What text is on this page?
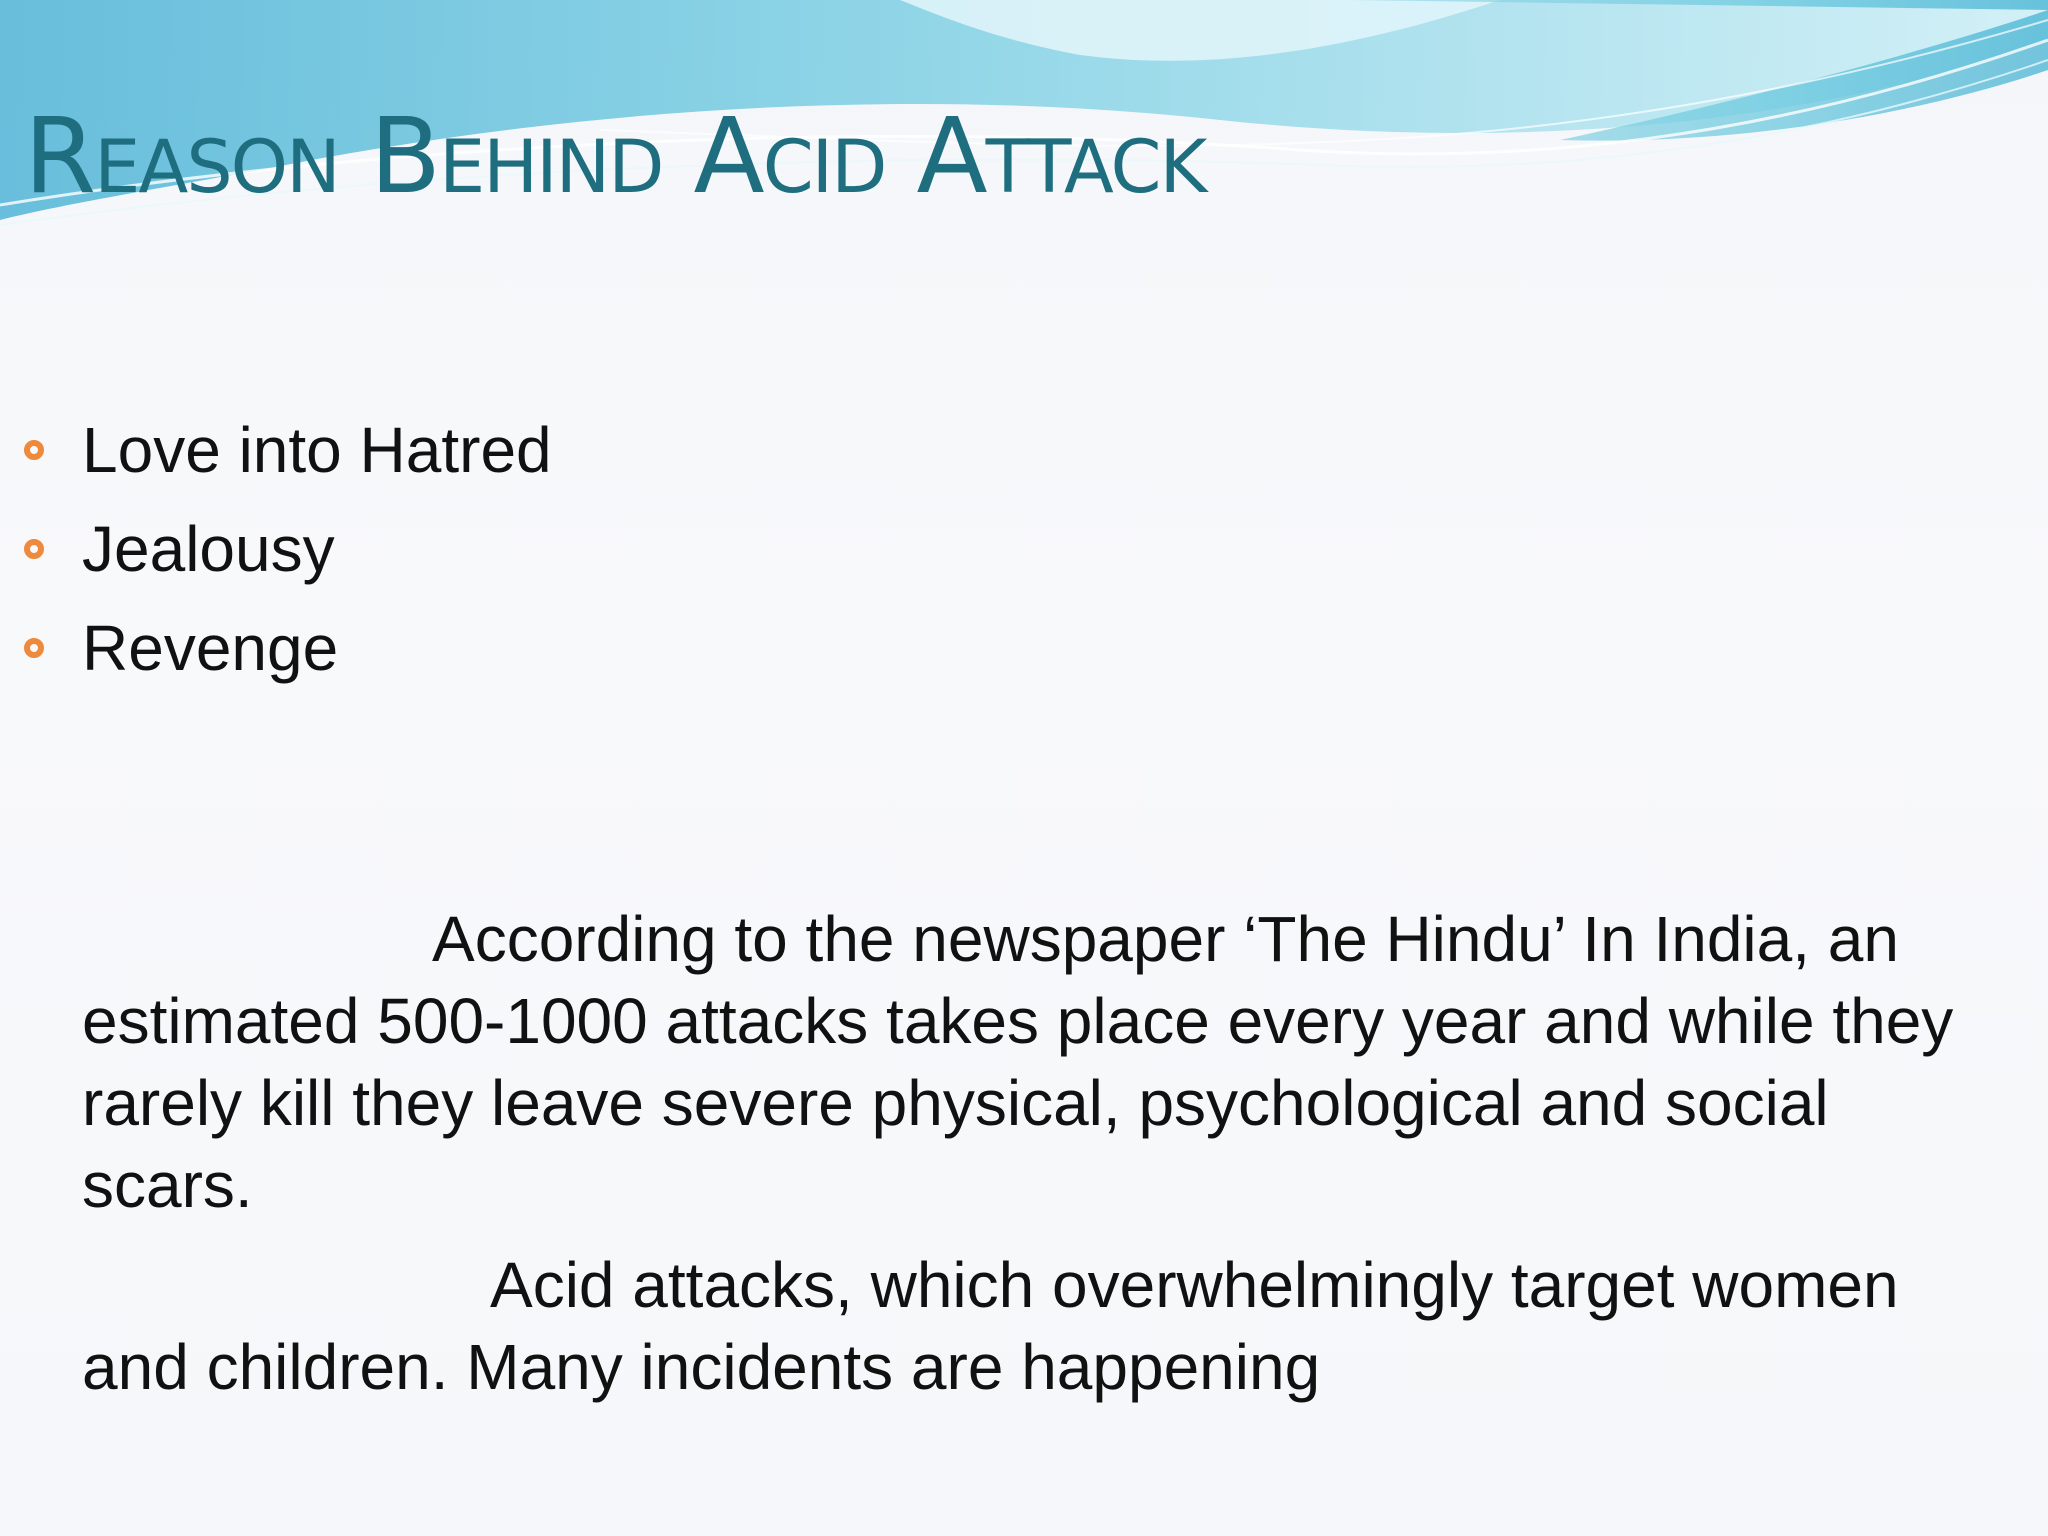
Reason Behind Acid Attack
Love into Hatred
Jealousy
Revenge

According to the newspaper ‘The Hindu’ In India, an estimated 500-1000 attacks takes place every year and while they rarely kill they leave severe physical, psychological and social scars.

Acid attacks, which overwhelmingly target women and children. Many incidents are happening
